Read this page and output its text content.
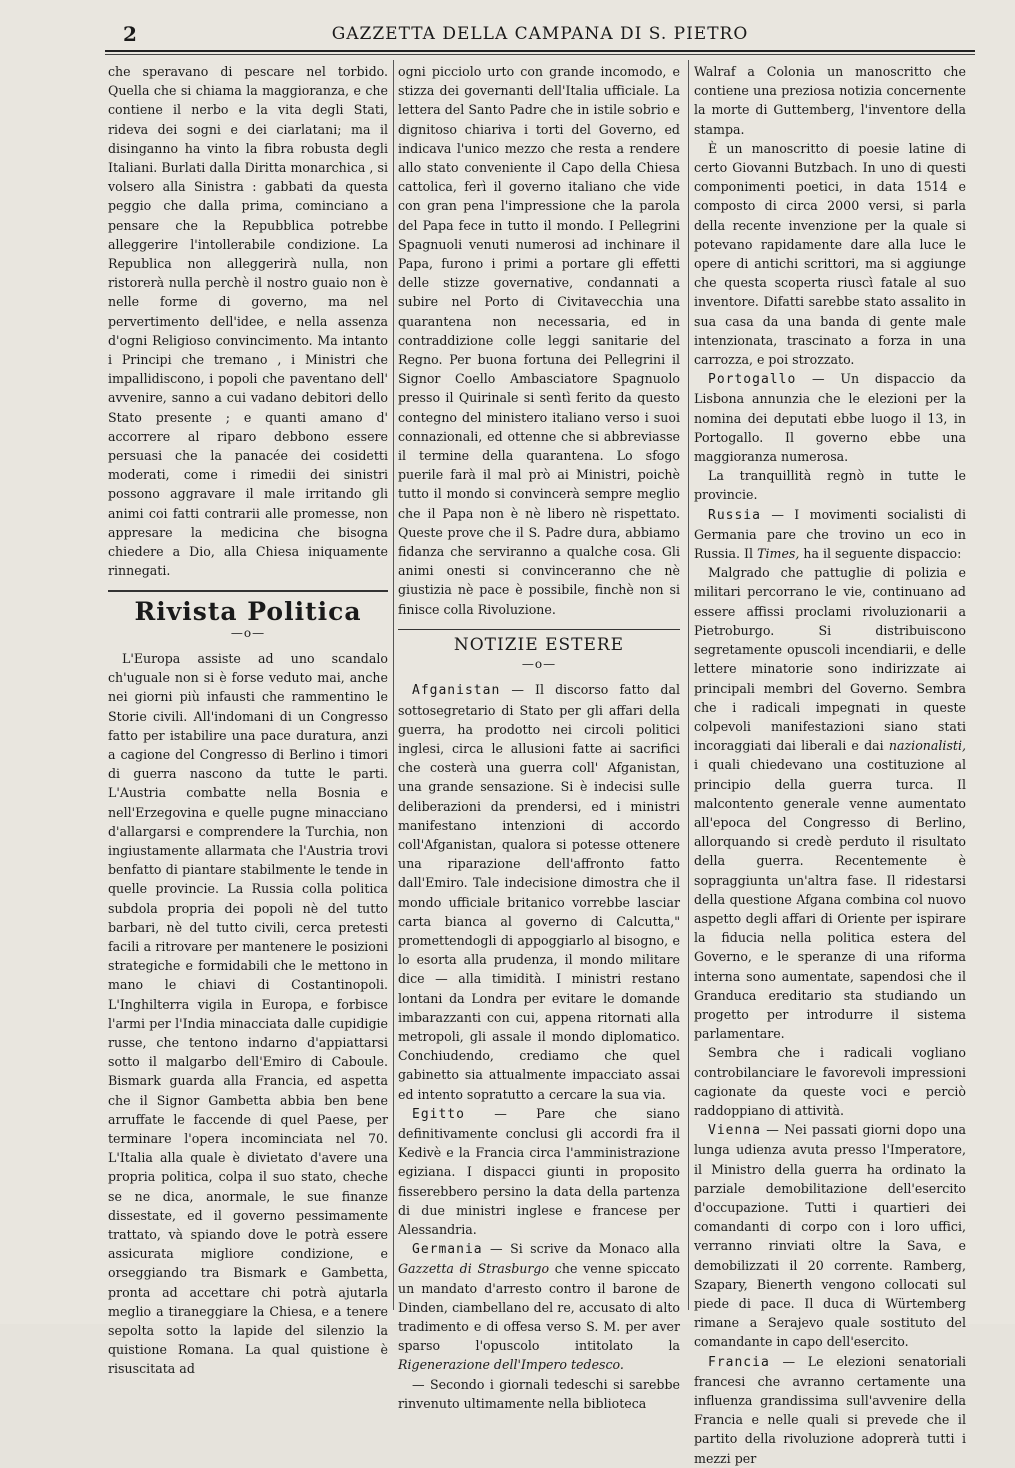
2	GAZZETTA DELLA CAMPANA DI S. PIETRO

che speravano di pescare nel torbido. Quella che si chiama la maggioranza, e che contiene il nerbo e la vita degli Stati, rideva dei sogni e dei ciarlatani; ma il disinganno ha vinto la fibra robusta degli Italiani. Burlati dalla Diritta monarchica , si volsero alla Sinistra : gabbati da questa peggio che dalla prima, cominciano a pensare che la Repubblica potrebbe alleggerire l'intollerabile condizione. La Republica non alleggerirà nulla, non ristorerà nulla perchè il nostro guaio non è nelle forme di governo, ma nel pervertimento dell'idee, e nella assenza d'ogni Religioso convincimento. Ma intanto i Principi che tremano , i Ministri che impallidiscono, i popoli che paventano dell' avvenire, sanno a cui vadano debitori dello Stato presente ; e quanti amano d' accorrere al riparo debbono essere persuasi che la panacée dei cosidetti moderati, come i rimedii dei sinistri possono aggravare il male irritando gli animi coi fatti contrarii alle promesse, non appresare la medicina che bisogna chiedere a Dio, alla Chiesa iniquamente rinnegati.

Rivista Politica
—o—

L'Europa assiste ad uno scandalo ch'uguale non si è forse veduto mai, anche nei giorni più infausti che rammentino le Storie civili. All'indomani di un Congresso fatto per istabilire una pace duratura, anzi a cagione del Congresso di Berlino i timori di guerra nascono da tutte le parti. L'Austria combatte nella Bosnia e nell'Erzegovina e quelle pugne minacciano d'allargarsi e comprendere la Turchia, non ingiustamente allarmata che l'Austria trovi benfatto di piantare stabilmente le tende in quelle provincie. La Russia colla politica subdola propria dei popoli nè del tutto barbari, nè del tutto civili, cerca pretesti facili a ritrovare per mantenere le posizioni strategiche e formidabili che le mettono in mano le chiavi di Costantinopoli. L'Inghilterra vigila in Europa, e forbisce l'armi per l'India minacciata dalle cupidigie russe, che tentono indarno d'appiattarsi sotto il malgarbo dell'Emiro di Caboule. Bismark guarda alla Francia, ed aspetta che il Signor Gambetta abbia ben bene arruffate le faccende di quel Paese, per terminare l'opera incominciata nel 70. L'Italia alla quale è divietato d'avere una propria politica, colpa il suo stato, cheche se ne dica, anormale, le sue finanze dissestate, ed il governo pessimamente trattato, và spiando dove le potrà essere assicurata migliore condizione, e orseggiando tra Bismark e Gambetta, pronta ad accettare chi potrà ajutarla meglio a tiraneggiare la Chiesa, e a tenere sepolta sotto la lapide del silenzio la quistione Romana. La qual quistione è risuscitata ad

ogni picciolo urto con grande incomodo, e stizza dei governanti dell'Italia ufficiale. La lettera del Santo Padre che in istile sobrio e dignitoso chiariva i torti del Governo, ed indicava l'unico mezzo che resta a rendere allo stato conveniente il Capo della Chiesa cattolica, ferì il governo italiano che vide con gran pena l'impressione che la parola del Papa fece in tutto il mondo. I Pellegrini Spagnuoli venuti numerosi ad inchinare il Papa, furono i primi a portare gli effetti delle stizze governative, condannati a subire nel Porto di Civitavecchia una quarantena non necessaria, ed in contraddizione colle leggi sanitarie del Regno. Per buona fortuna dei Pellegrini il Signor Coello Ambasciatore Spagnuolo presso il Quirinale si sentì ferito da questo contegno del ministero italiano verso i suoi connazionali, ed ottenne che si abbreviasse il termine della quarantena. Lo sfogo puerile farà il mal prò ai Ministri, poichè tutto il mondo si convincerà sempre meglio che il Papa non è nè libero nè rispettato. Queste prove che il S. Padre dura, abbiamo fidanza che serviranno a qualche cosa. Gli animi onesti si convinceranno che nè giustizia nè pace è possibile, finchè non si finisce colla Rivoluzione.

NOTIZIE ESTERE
—o—

Afganistan — Il discorso fatto dal sottosegretario di Stato per gli affari della guerra, ha prodotto nei circoli politici inglesi, circa le allusioni fatte ai sacrifici che costerà una guerra coll' Afganistan, una grande sensazione. Si è indecisi sulle deliberazioni da prendersi, ed i ministri manifestano intenzioni di accordo coll'Afganistan, qualora si potesse ottenere una riparazione dell'affronto fatto dall'Emiro. Tale indecisione dimostra che il mondo ufficiale britanico vorrebbe lasciar carta bianca al governo di Calcutta," promettendogli di appoggiarlo al bisogno, e lo esorta alla prudenza, il mondo militare dice — alla timidità. I ministri restano lontani da Londra per evitare le domande imbarazzanti con cui, appena ritornati alla metropoli, gli assale il mondo diplomatico. Conchiudendo, crediamo che quel gabinetto sia attualmente impacciato assai ed intento sopratutto a cercare la sua via.

Egitto — Pare che siano definitivamente conclusi gli accordi fra il Kedivè e la Francia circa l'amministrazione egiziana. I dispacci giunti in proposito fisserebbero persino la data della partenza di due ministri inglese e francese per Alessandria.

Germania — Si scrive da Monaco alla Gazzetta di Strasburgo che venne spiccato un mandato d'arresto contro il barone de Dinden, ciambellano del re, accusato di alto tradimento e di offesa verso S. M. per aver sparso l'opuscolo intitolato la Rigenerazione dell'Impero tedesco.

— Secondo i giornali tedeschi si sarebbe rinvenuto ultimamente nella biblioteca

Walraf a Colonia un manoscritto che contiene una preziosa notizia concernente la morte di Guttemberg, l'inventore della stampa.

È un manoscritto di poesie latine di certo Giovanni Butzbach. In uno di questi componimenti poetici, in data 1514 e composto di circa 2000 versi, si parla della recente invenzione per la quale si potevano rapidamente dare alla luce le opere di antichi scrittori, ma si aggiunge che questa scoperta riuscì fatale al suo inventore. Difatti sarebbe stato assalito in sua casa da una banda di gente male intenzionata, trascinato a forza in una carrozza, e poi strozzato.

Portogallo — Un dispaccio da Lisbona annunzia che le elezioni per la nomina dei deputati ebbe luogo il 13, in Portogallo. Il governo ebbe una maggioranza numerosa.

La tranquillità regnò in tutte le provincie.

Russia — I movimenti socialisti di Germania pare che trovino un eco in Russia. Il Times, ha il seguente dispaccio:

Malgrado che pattuglie di polizia e militari percorrano le vie, continuano ad essere affissi proclami rivoluzionarii a Pietroburgo. Si distribuiscono segretamente opuscoli incendiarii, e delle lettere minatorie sono indirizzate ai principali membri del Governo. Sembra che i radicali impegnati in queste colpevoli manifestazioni siano stati incoraggiati dai liberali e dai nazionalisti, i quali chiedevano una costituzione al principio della guerra turca. Il malcontento generale venne aumentato all'epoca del Congresso di Berlino, allorquando si credè perduto il risultato della guerra. Recentemente è sopraggiunta un'altra fase. Il ridestarsi della questione Afgana combina col nuovo aspetto degli affari di Oriente per ispirare la fiducia nella politica estera del Governo, e le speranze di una riforma interna sono aumentate, sapendosi che il Granduca ereditario sta studiando un progetto per introdurre il sistema parlamentare.

Sembra che i radicali vogliano controbilanciare le favorevoli impressioni cagionate da queste voci e perciò raddoppiano di attività.

Vienna — Nei passati giorni dopo una lunga udienza avuta presso l'Imperatore, il Ministro della guerra ha ordinato la parziale demobilitazione dell'esercito d'occupazione. Tutti i quartieri dei comandanti di corpo con i loro uffici, verranno rinviati oltre la Sava, e demobilizzati il 20 corrente. Ramberg, Szapary, Bienerth vengono collocati sul piede di pace. Il duca di Würtemberg rimane a Serajevo quale sostituto del comandante in capo dell'esercito.

Francia — Le elezioni senatoriali francesi che avranno certamente una influenza grandissima sull'avvenire della Francia e nelle quali si prevede che il partito della rivoluzione adoprerà tutti i mezzi per
